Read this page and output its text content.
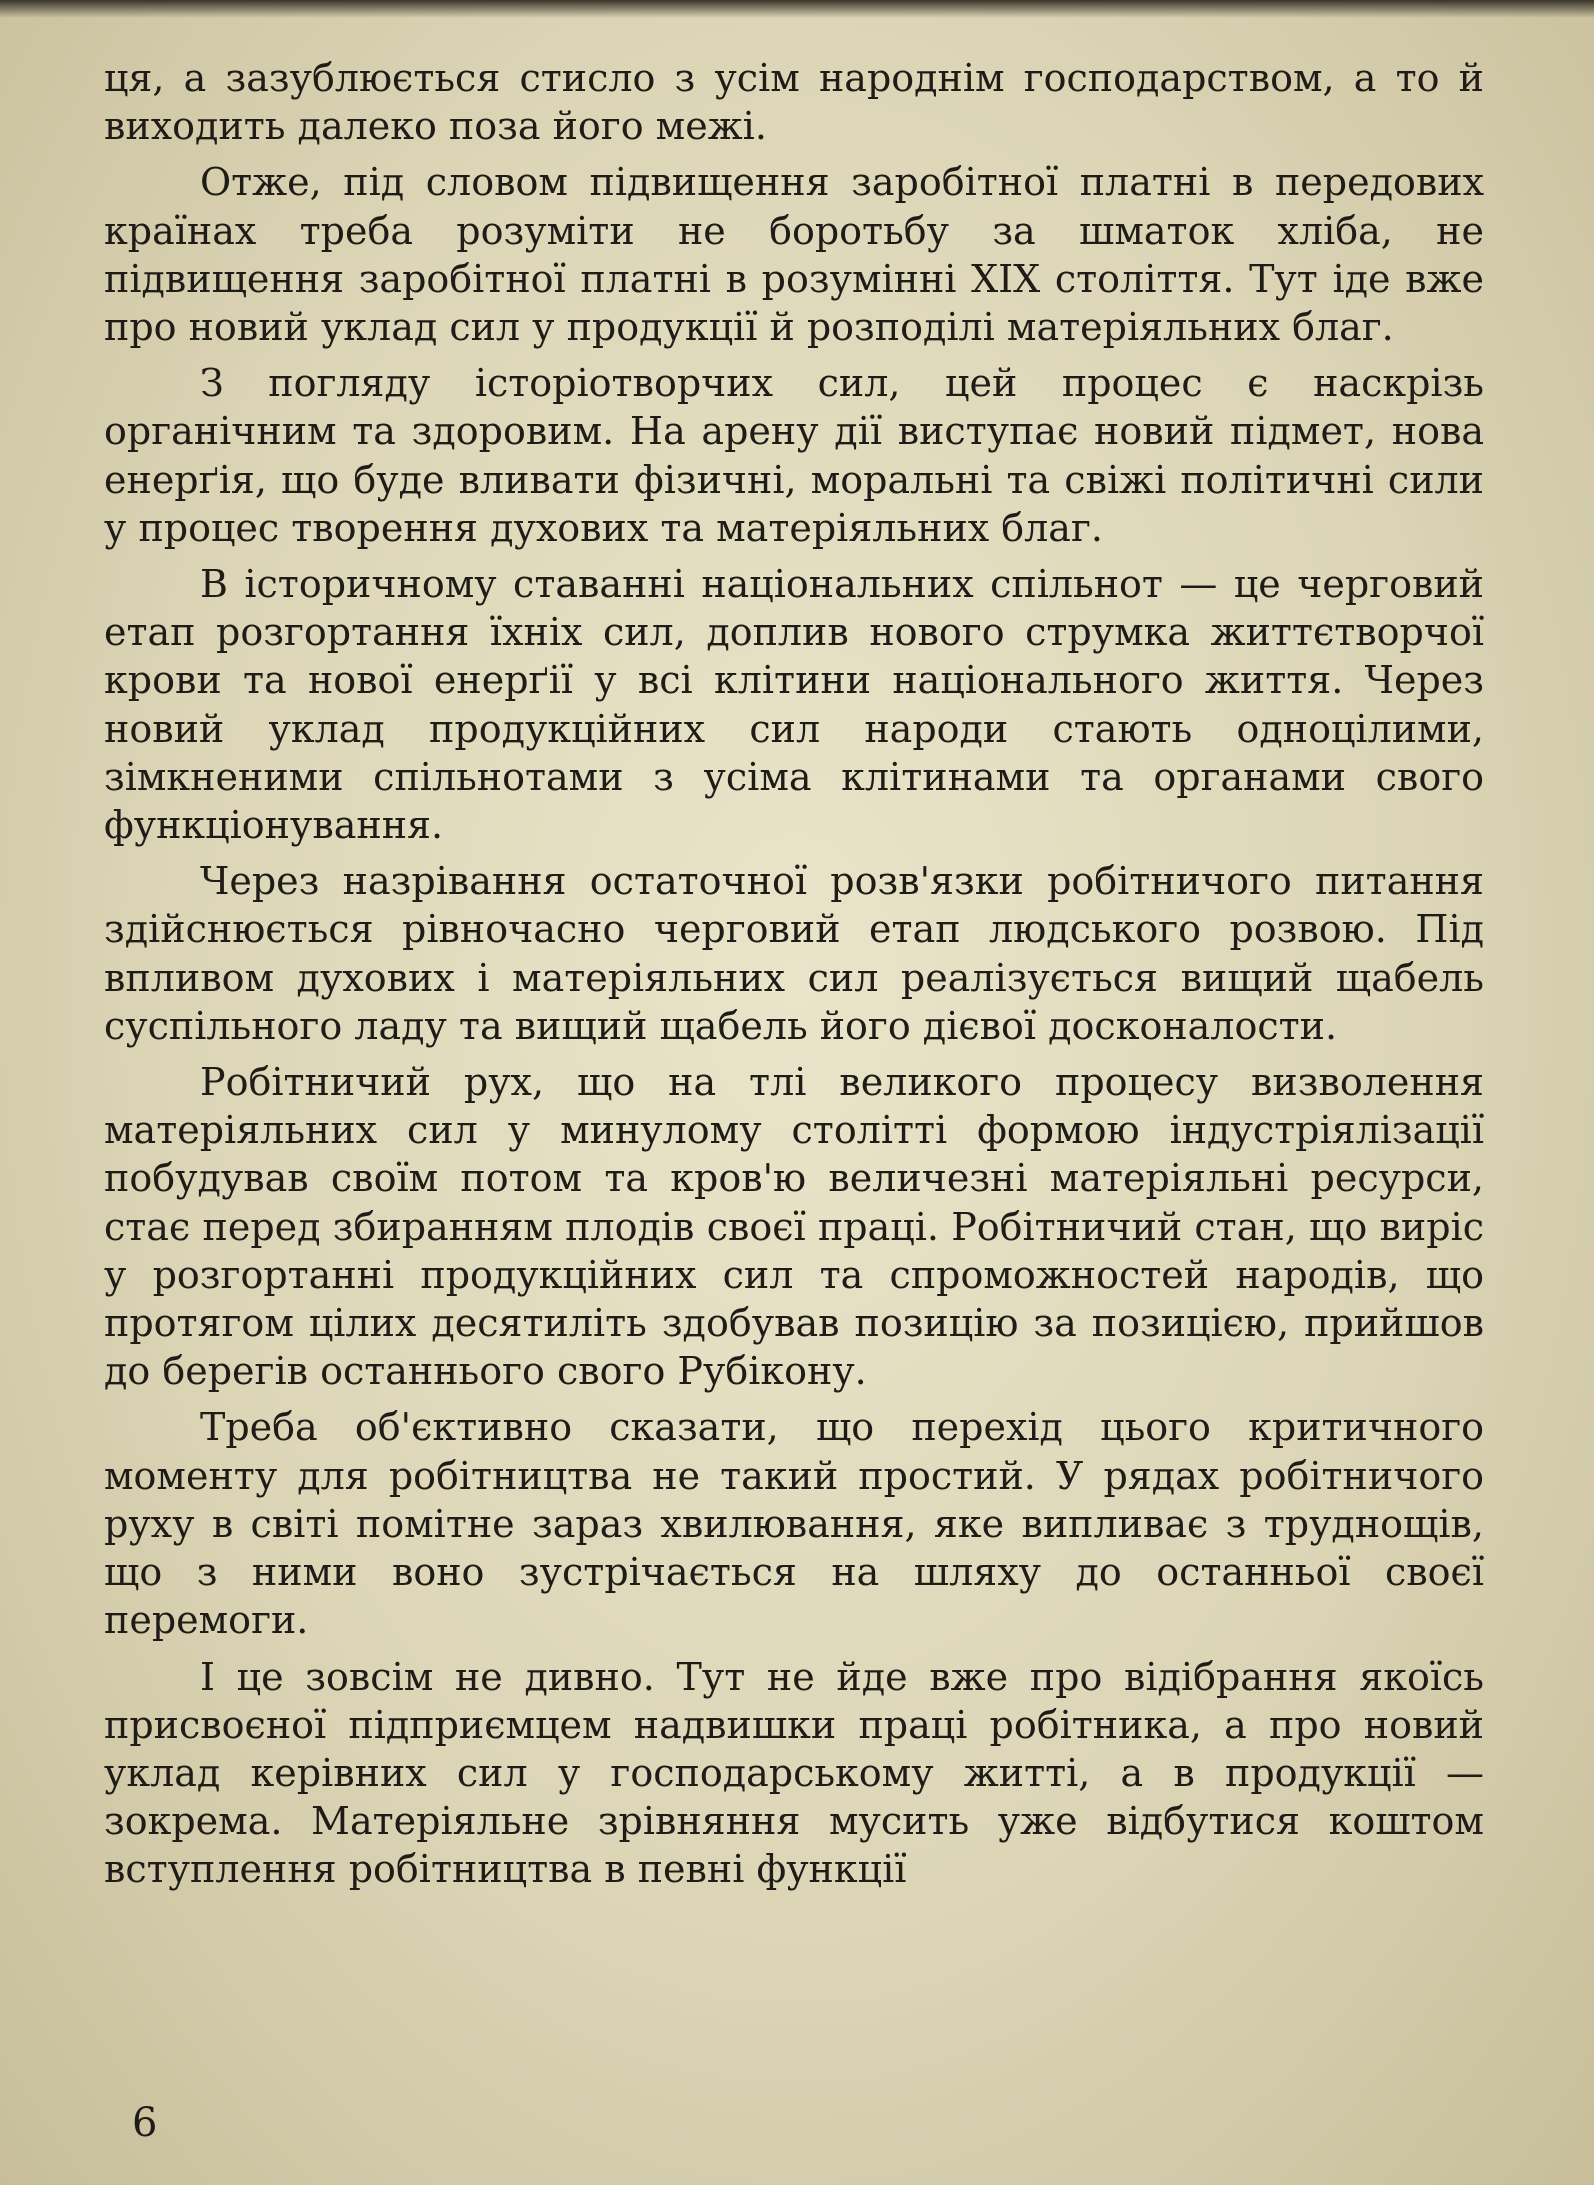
ця, а зазублюється стисло з усім народнім господарством, а то й виходить далеко поза його межі.

Отже, під словом підвищення заробітної платні в передових країнах треба розуміти не боротьбу за шматок хліба, не підвищення заробітної платні в розумінні XIX століття. Тут іде вже про новий уклад сил у продукції й розподілі матеріяльних благ.

З погляду історіотворчих сил, цей процес є наскрізь органічним та здоровим. На арену дії виступає новий підмет, нова енерґія, що буде вливати фізичні, моральні та свіжі політичні сили у процес творення духових та матеріяльних благ.

В історичному ставанні національних спільнот — це черговий етап розгортання їхніх сил, доплив нового струмка життєтворчої крови та нової енерґії у всі клітини національного життя. Через новий уклад продукційних сил народи стають одноцілими, зімкненими спільнотами з усіма клітинами та органами свого функціонування.

Через назрівання остаточної розв'язки робітничого питання здійснюється рівночасно черговий етап людського розвою. Під впливом духових і матеріяльних сил реалізується вищий щабель суспільного ладу та вищий щабель його дієвої досконалости.

Робітничий рух, що на тлі великого процесу визволення матеріяльних сил у минулому столітті формою індустріялізації побудував своїм потом та кров'ю величезні матеріяльні ресурси, стає перед збиранням плодів своєї праці. Робітничий стан, що виріс у розгортанні продукційних сил та спроможностей народів, що протягом цілих десятиліть здобував позицію за позицією, прийшов до берегів останнього свого Рубікону.

Треба об'єктивно сказати, що перехід цього критичного моменту для робітництва не такий простий. У рядах робітничого руху в світі помітне зараз хвилювання, яке випливає з труднощів, що з ними воно зустрічається на шляху до останньої своєї перемоги.

І це зовсім не дивно. Тут не йде вже про відібрання якоїсь присвоєної підприємцем надвишки праці робітника, а про новий уклад керівних сил у господарському житті, а в продукції — зокрема. Матеріяльне зрівняння мусить уже відбутися коштом вступлення робітництва в певні функції

6
